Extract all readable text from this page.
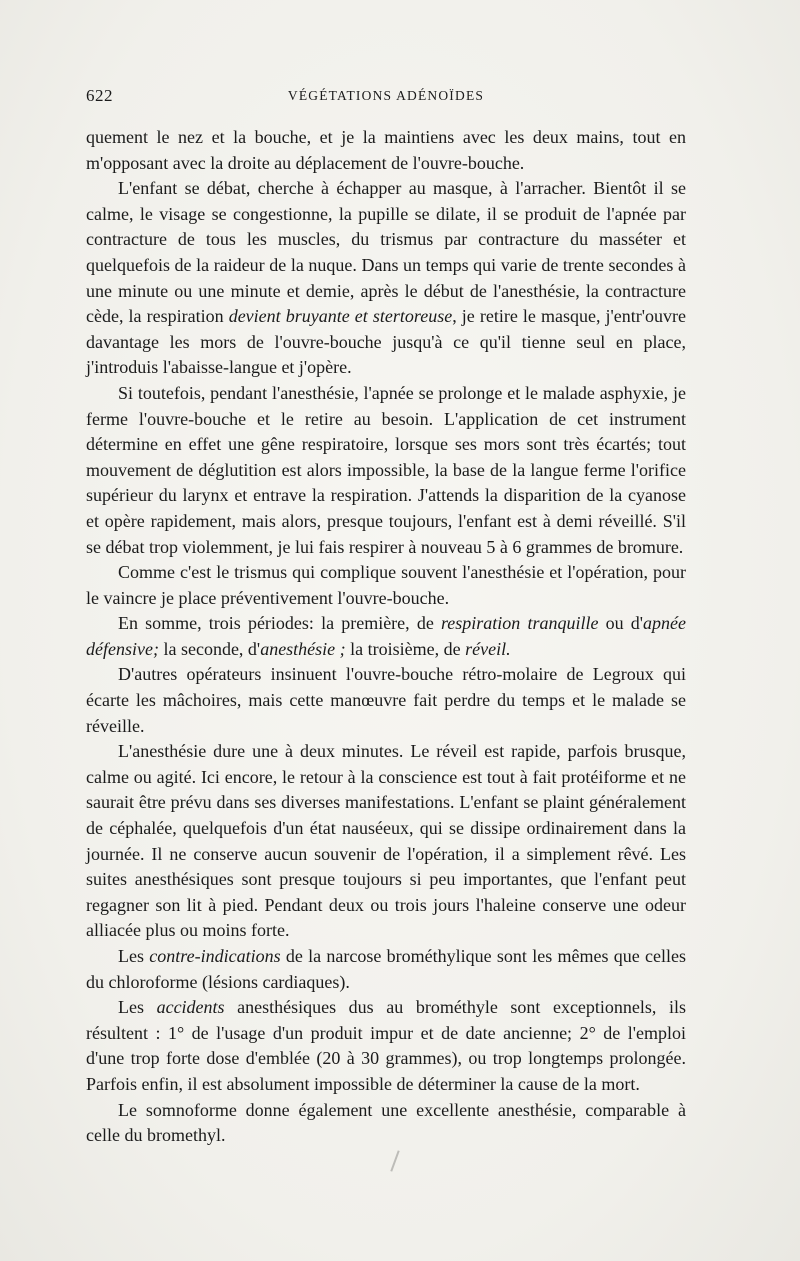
622	VÉGÉTATIONS ADÉNOÏDES

quement le nez et la bouche, et je la maintiens avec les deux mains, tout en m'opposant avec la droite au déplacement de l'ouvre-bouche.

L'enfant se débat, cherche à échapper au masque, à l'arracher. Bientôt il se calme, le visage se congestionne, la pupille se dilate, il se produit de l'apnée par contracture de tous les muscles, du trismus par contracture du masséter et quelquefois de la raideur de la nuque. Dans un temps qui varie de trente secondes à une minute ou une minute et demie, après le début de l'anesthésie, la contracture cède, la respiration devient bruyante et stertoreuse, je retire le masque, j'entr'ouvre davantage les mors de l'ouvre-bouche jusqu'à ce qu'il tienne seul en place, j'introduis l'abaisse-langue et j'opère.

Si toutefois, pendant l'anesthésie, l'apnée se prolonge et le malade asphyxie, je ferme l'ouvre-bouche et le retire au besoin. L'application de cet instrument détermine en effet une gêne respiratoire, lorsque ses mors sont très écartés; tout mouvement de déglutition est alors impossible, la base de la langue ferme l'orifice supérieur du larynx et entrave la respiration. J'attends la disparition de la cyanose et opère rapidement, mais alors, presque toujours, l'enfant est à demi réveillé. S'il se débat trop violemment, je lui fais respirer à nouveau 5 à 6 grammes de bromure.

Comme c'est le trismus qui complique souvent l'anesthésie et l'opération, pour le vaincre je place préventivement l'ouvre-bouche.

En somme, trois périodes: la première, de respiration tranquille ou d'apnée défensive; la seconde, d'anesthésie ; la troisième, de réveil.

D'autres opérateurs insinuent l'ouvre-bouche rétro-molaire de Legroux qui écarte les mâchoires, mais cette manœuvre fait perdre du temps et le malade se réveille.

L'anesthésie dure une à deux minutes. Le réveil est rapide, parfois brusque, calme ou agité. Ici encore, le retour à la conscience est tout à fait protéiforme et ne saurait être prévu dans ses diverses manifestations. L'enfant se plaint généralement de céphalée, quelquefois d'un état nauséeux, qui se dissipe ordinairement dans la journée. Il ne conserve aucun souvenir de l'opération, il a simplement rêvé. Les suites anesthésiques sont presque toujours si peu importantes, que l'enfant peut regagner son lit à pied. Pendant deux ou trois jours l'haleine conserve une odeur alliacée plus ou moins forte.

Les contre-indications de la narcose brométhylique sont les mêmes que celles du chloroforme (lésions cardiaques).

Les accidents anesthésiques dus au brométhyle sont exceptionnels, ils résultent : 1° de l'usage d'un produit impur et de date ancienne; 2° de l'emploi d'une trop forte dose d'emblée (20 à 30 grammes), ou trop longtemps prolongée. Parfois enfin, il est absolument impossible de déterminer la cause de la mort.

Le somnoforme donne également une excellente anesthésie, comparable à celle du bromethyl.
